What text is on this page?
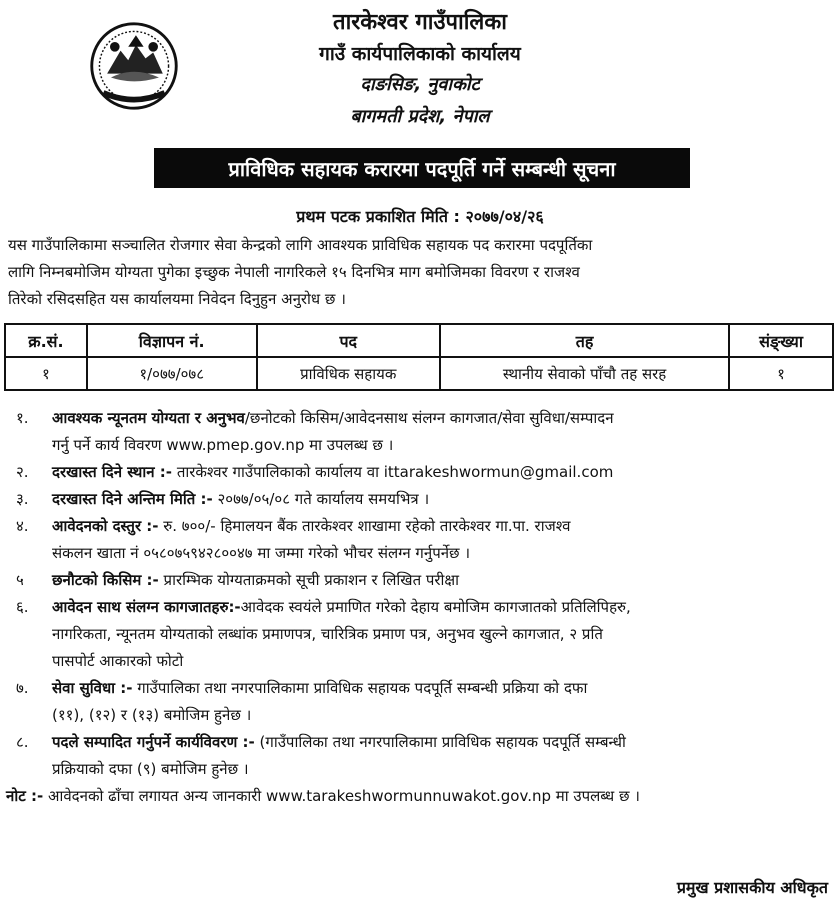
तारकेश्वर गाउँपालिका
गाउँ कार्यपालिकाको कार्यालय
दाङसिङ, नुवाकोट
बागमती प्रदेश, नेपाल
प्राविधिक सहायक करारमा पदपूर्ति गर्ने सम्बन्धी सूचना
प्रथम पटक प्रकाशित मिति : २०७७/०४/२६
यस गाउँपालिकामा सञ्चालित रोजगार सेवा केन्द्रको लागि आवश्यक प्राविधिक सहायक पद करारमा पदपूर्तिका
लागि निम्नबमोजिम योग्यता पुगेका इच्छुक नेपाली नागरिकले १५ दिनभित्र माग बमोजिमका विवरण र राजश्व
तिरेको रसिदसहित यस कार्यालयमा निवेदन दिनुहुन अनुरोध छ ।
क्र.सं.	विज्ञापन नं.	पद	तह	संङ्ख्या
१	१/०७७/०७८	प्राविधिक सहायक	स्थानीय सेवाको पाँचौ तह सरह	१
१. आवश्यक न्यूनतम योग्यता र अनुभव/छनोटको किसिम/आवेदनसाथ संलग्न कागजात/सेवा सुविधा/सम्पादन
गर्नु पर्ने कार्य विवरण www.pmep.gov.np मा उपलब्ध छ ।
२. दरखास्त दिने स्थान :- तारकेश्वर गाउँपालिकाको कार्यालय वा ittarakeshwormun@gmail.com
३. दरखास्त दिने अन्तिम मिति :- २०७७/०५/०८ गते कार्यालय समयभित्र ।
४. आवेदनको दस्तुर :- रु. ७००/- हिमालयन बैंक तारकेश्वर शाखामा रहेको तारकेश्वर गा.पा. राजश्व
संकलन खाता नं ०५८०७५९४२८००४७ मा जम्मा गरेको भौचर संलग्न गर्नुपर्नेछ ।
५ छनौटको किसिम :- प्रारम्भिक योग्यताक्रमको सूची प्रकाशन र लिखित परीक्षा
६. आवेदन साथ संलग्न कागजातहरु:-आवेदक स्वयंले प्रमाणित गरेको देहाय बमोजिम कागजातको प्रतिलिपिहरु,
नागरिकता, न्यूनतम योग्यताको लब्धांक प्रमाणपत्र, चारित्रिक प्रमाण पत्र, अनुभव खुल्ने कागजात, २ प्रति
पासपोर्ट आकारको फोटो
७. सेवा सुविधा :- गाउँपालिका तथा नगरपालिकामा प्राविधिक सहायक पदपूर्ति सम्बन्धी प्रक्रिया को दफा
(११), (१२) र (१३) बमोजिम हुनेछ ।
८. पदले सम्पादित गर्नुपर्ने कार्यविवरण :- (गाउँपालिका तथा नगरपालिकामा प्राविधिक सहायक पदपूर्ति सम्बन्धी
प्रक्रियाको दफा (९) बमोजिम हुनेछ ।
नोट :- आवेदनको ढाँचा लगायत अन्य जानकारी www.tarakeshwormunnuwakot.gov.np मा उपलब्ध छ ।
प्रमुख प्रशासकीय अधिकृत
